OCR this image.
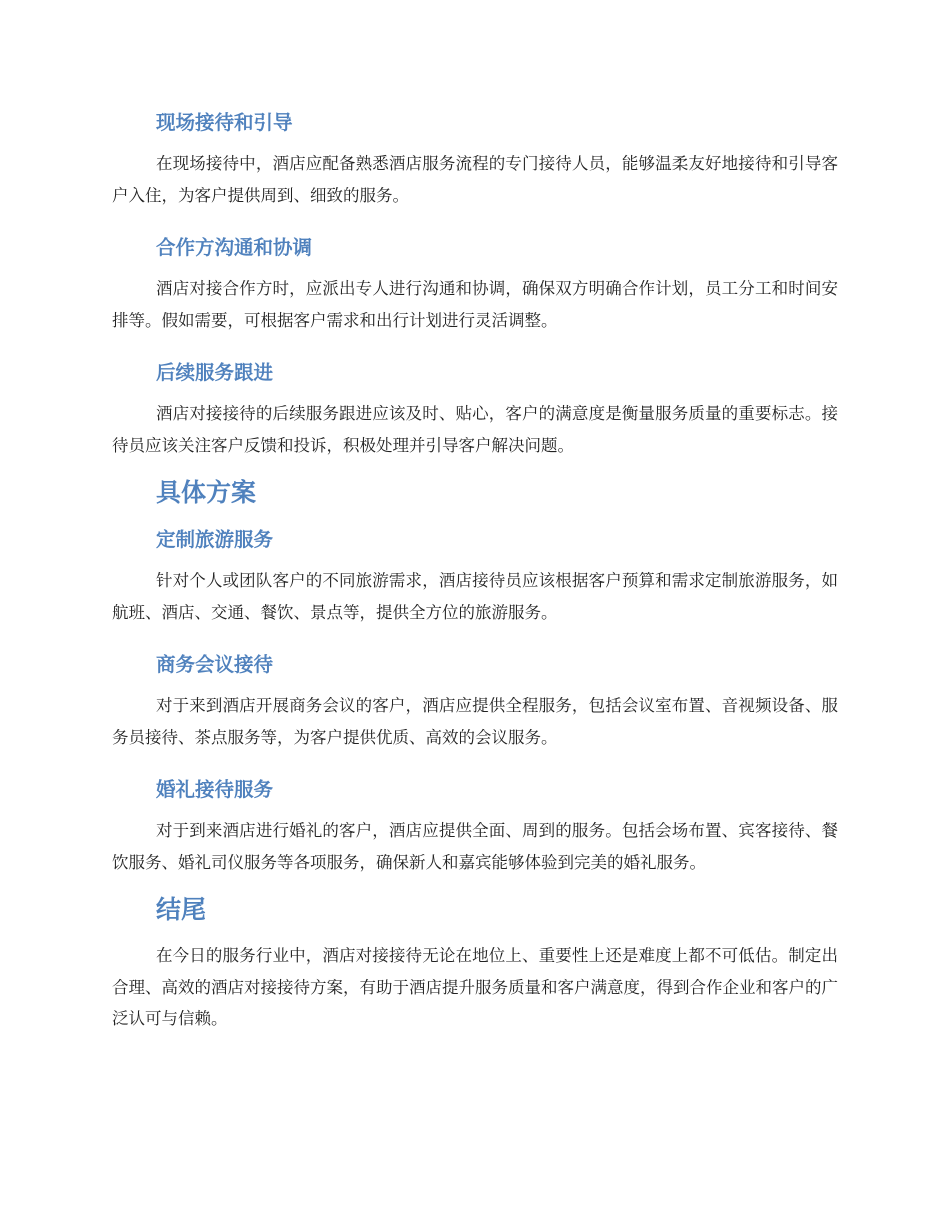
现场接待和引导

在现场接待中，酒店应配备熟悉酒店服务流程的专门接待人员，能够温柔友好地接待和引导客户入住，为客户提供周到、细致的服务。

合作方沟通和协调

酒店对接合作方时，应派出专人进行沟通和协调，确保双方明确合作计划，员工分工和时间安排等。假如需要，可根据客户需求和出行计划进行灵活调整。

后续服务跟进

酒店对接接待的后续服务跟进应该及时、贴心，客户的满意度是衡量服务质量的重要标志。接待员应该关注客户反馈和投诉，积极处理并引导客户解决问题。

具体方案
定制旅游服务

针对个人或团队客户的不同旅游需求，酒店接待员应该根据客户预算和需求定制旅游服务，如航班、酒店、交通、餐饮、景点等，提供全方位的旅游服务。

商务会议接待

对于来到酒店开展商务会议的客户，酒店应提供全程服务，包括会议室布置、音视频设备、服务员接待、茶点服务等，为客户提供优质、高效的会议服务。

婚礼接待服务

对于到来酒店进行婚礼的客户，酒店应提供全面、周到的服务。包括会场布置、宾客接待、餐饮服务、婚礼司仪服务等各项服务，确保新人和嘉宾能够体验到完美的婚礼服务。

结尾

在今日的服务行业中，酒店对接接待无论在地位上、重要性上还是难度上都不可低估。制定出合理、高效的酒店对接接待方案，有助于酒店提升服务质量和客户满意度，得到合作企业和客户的广泛认可与信赖。
